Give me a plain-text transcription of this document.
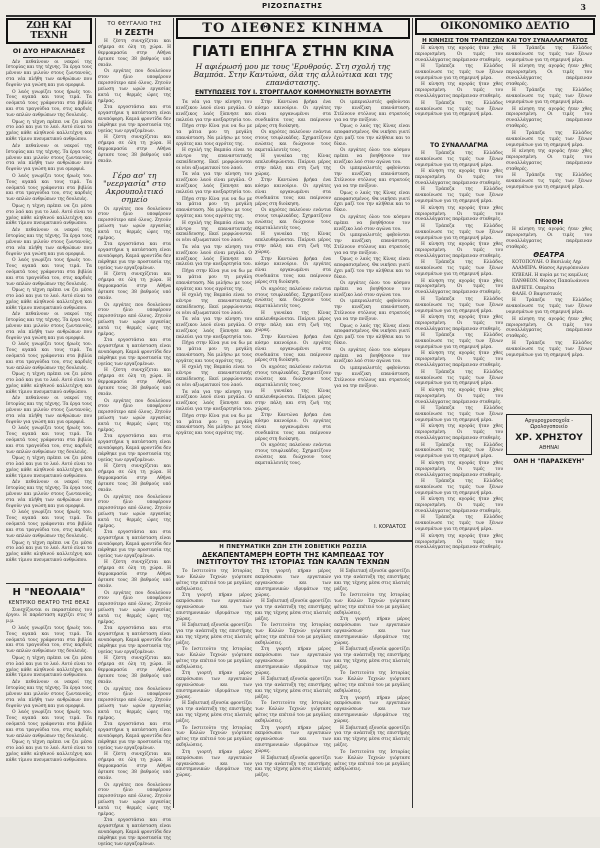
ΡΙΖΟΣΠΑΣΤΗΣ	3
ΖΩΗ ΚΑΙ ΤΕΧΝΗ
ΟΙ ΔΥΟ ΗΡΑΚΛΗΔΕΣ

Δέν πεθαίνουν οι νεκροί της Ιστορίας και της τέχνης. Τα έργα τους μένουν και μιλούν στους ζωντανούς, στα νέα πλήθη των ανθρώπων που διψούν για γνώση και για ομορφιά.

Ο λαός γνωρίζει τους ήρωές του. Τους αγαπά και τους τιμά. Τα ονόματά τους γράφονται στα βιβλία και στα τραγούδια του, στις καρδιές των απλών ανθρώπων της δουλειάς.

Όμως η τέχνη πρέπει να ζει μέσα στο λαό και για το λαό. Αυτό είναι το χρέος κάθε αληθινού καλλιτέχνη και κάθε τίμιου πνευματικού ανθρώπου.

Δέν πεθαίνουν οι νεκροί της Ιστορίας και της τέχνης. Τα έργα τους μένουν και μιλούν στους ζωντανούς, στα νέα πλήθη των ανθρώπων που διψούν για γνώση και για ομορφιά.

Ο λαός γνωρίζει τους ήρωές του. Τους αγαπά και τους τιμά. Τα ονόματά τους γράφονται στα βιβλία και στα τραγούδια του, στις καρδιές των απλών ανθρώπων της δουλειάς.

Όμως η τέχνη πρέπει να ζει μέσα στο λαό και για το λαό. Αυτό είναι το χρέος κάθε αληθινού καλλιτέχνη και κάθε τίμιου πνευματικού ανθρώπου.

Δέν πεθαίνουν οι νεκροί της Ιστορίας και της τέχνης. Τα έργα τους μένουν και μιλούν στους ζωντανούς, στα νέα πλήθη των ανθρώπων που διψούν για γνώση και για ομορφιά.

Ο λαός γνωρίζει τους ήρωές του. Τους αγαπά και τους τιμά. Τα ονόματά τους γράφονται στα βιβλία και στα τραγούδια του, στις καρδιές των απλών ανθρώπων της δουλειάς.

Όμως η τέχνη πρέπει να ζει μέσα στο λαό και για το λαό. Αυτό είναι το χρέος κάθε αληθινού καλλιτέχνη και κάθε τίμιου πνευματικού ανθρώπου.

Δέν πεθαίνουν οι νεκροί της Ιστορίας και της τέχνης. Τα έργα τους μένουν και μιλούν στους ζωντανούς, στα νέα πλήθη των ανθρώπων που διψούν για γνώση και για ομορφιά.

Ο λαός γνωρίζει τους ήρωές του. Τους αγαπά και τους τιμά. Τα ονόματά τους γράφονται στα βιβλία και στα τραγούδια του, στις καρδιές των απλών ανθρώπων της δουλειάς.

Όμως η τέχνη πρέπει να ζει μέσα στο λαό και για το λαό. Αυτό είναι το χρέος κάθε αληθινού καλλιτέχνη και κάθε τίμιου πνευματικού ανθρώπου.

Δέν πεθαίνουν οι νεκροί της Ιστορίας και της τέχνης. Τα έργα τους μένουν και μιλούν στους ζωντανούς, στα νέα πλήθη των ανθρώπων που διψούν για γνώση και για ομορφιά.

Ο λαός γνωρίζει τους ήρωές του. Τους αγαπά και τους τιμά. Τα ονόματά τους γράφονται στα βιβλία και στα τραγούδια του, στις καρδιές των απλών ανθρώπων της δουλειάς.

Όμως η τέχνη πρέπει να ζει μέσα στο λαό και για το λαό. Αυτό είναι το χρέος κάθε αληθινού καλλιτέχνη και κάθε τίμιου πνευματικού ανθρώπου.

Δέν πεθαίνουν οι νεκροί της Ιστορίας και της τέχνης. Τα έργα τους μένουν και μιλούν στους ζωντανούς, στα νέα πλήθη των ανθρώπων που διψούν για γνώση και για ομορφιά.

Ο λαός γνωρίζει τους ήρωές του. Τους αγαπά και τους τιμά. Τα ονόματά τους γράφονται στα βιβλία και στα τραγούδια του, στις καρδιές των απλών ανθρώπων της δουλειάς.

Όμως η τέχνη πρέπει να ζει μέσα στο λαό και για το λαό. Αυτό είναι το χρέος κάθε αληθινού καλλιτέχνη και κάθε τίμιου πνευματικού ανθρώπου.

Η "ΝΕΟΛΑΙΑ"
ΚΕΝΤΡΙΚΟ ΘΕΑΤΡΟ ΤΗΣ ΘΕΑΣ

Συνεχίζονται οι παραστάσεις του έργου. Η παράσταση αρχίζει στις 9 μ.μ.

Ο λαός γνωρίζει τους ήρωές του. Τους αγαπά και τους τιμά. Τα ονόματά τους γράφονται στα βιβλία και στα τραγούδια του, στις καρδιές των απλών ανθρώπων της δουλειάς.

Όμως η τέχνη πρέπει να ζει μέσα στο λαό και για το λαό. Αυτό είναι το χρέος κάθε αληθινού καλλιτέχνη και κάθε τίμιου πνευματικού ανθρώπου.

Δέν πεθαίνουν οι νεκροί της Ιστορίας και της τέχνης. Τα έργα τους μένουν και μιλούν στους ζωντανούς, στα νέα πλήθη των ανθρώπων που διψούν για γνώση και για ομορφιά.

Ο λαός γνωρίζει τους ήρωές του. Τους αγαπά και τους τιμά. Τα ονόματά τους γράφονται στα βιβλία και στα τραγούδια του, στις καρδιές των απλών ανθρώπων της δουλειάς.

Όμως η τέχνη πρέπει να ζει μέσα στο λαό και για το λαό. Αυτό είναι το χρέος κάθε αληθινού καλλιτέχνη και κάθε τίμιου πνευματικού ανθρώπου.

ΤΟ ΦΕΥΓΑΛΙΟ ΤΗΣ
Η ΖΕΣΤΗ

Η ζέστη συνεχίζεται και σήμερα σε όλη τη χώρα. Η θερμοκρασία στην Αθήνα έφτασε τους 38 βαθμούς υπό σκιάν.

Οι εργάτες που δουλεύουν στον ήλιο υποφέρουν περισσότερο από όλους. Ζητούν μείωση των ωρών εργασίας κατά τις θερμές ώρες της ημέρας.

Στα εργοστάσια και στα εργαστήρια η κατάσταση είναι ανυπόφορη. Καμιά φροντίδα δεν πάρθηκε για την προστασία της υγείας των εργαζομένων.

Η ζέστη συνεχίζεται και σήμερα σε όλη τη χώρα. Η θερμοκρασία στην Αθήνα έφτασε τους 38 βαθμούς υπό σκιάν.

Γέρο ασ' τη "νεεργασία" στο Ακρουπολιτικό σημείο

Οι εργάτες που δουλεύουν στον ήλιο υποφέρουν περισσότερο από όλους. Ζητούν μείωση των ωρών εργασίας κατά τις θερμές ώρες της ημέρας.

Στα εργοστάσια και στα εργαστήρια η κατάσταση είναι ανυπόφορη. Καμιά φροντίδα δεν πάρθηκε για την προστασία της υγείας των εργαζομένων.

Η ζέστη συνεχίζεται και σήμερα σε όλη τη χώρα. Η θερμοκρασία στην Αθήνα έφτασε τους 38 βαθμούς υπό σκιάν.

Οι εργάτες που δουλεύουν στον ήλιο υποφέρουν περισσότερο από όλους. Ζητούν μείωση των ωρών εργασίας κατά τις θερμές ώρες της ημέρας.

Στα εργοστάσια και στα εργαστήρια η κατάσταση είναι ανυπόφορη. Καμιά φροντίδα δεν πάρθηκε για την προστασία της υγείας των εργαζομένων.

Η ζέστη συνεχίζεται και σήμερα σε όλη τη χώρα. Η θερμοκρασία στην Αθήνα έφτασε τους 38 βαθμούς υπό σκιάν.

Οι εργάτες που δουλεύουν στον ήλιο υποφέρουν περισσότερο από όλους. Ζητούν μείωση των ωρών εργασίας κατά τις θερμές ώρες της ημέρας.

Στα εργοστάσια και στα εργαστήρια η κατάσταση είναι ανυπόφορη. Καμιά φροντίδα δεν πάρθηκε για την προστασία της υγείας των εργαζομένων.

Η ζέστη συνεχίζεται και σήμερα σε όλη τη χώρα. Η θερμοκρασία στην Αθήνα έφτασε τους 38 βαθμούς υπό σκιάν.

Οι εργάτες που δουλεύουν στον ήλιο υποφέρουν περισσότερο από όλους. Ζητούν μείωση των ωρών εργασίας κατά τις θερμές ώρες της ημέρας.

Στα εργοστάσια και στα εργαστήρια η κατάσταση είναι ανυπόφορη. Καμιά φροντίδα δεν πάρθηκε για την προστασία της υγείας των εργαζομένων.

Η ζέστη συνεχίζεται και σήμερα σε όλη τη χώρα. Η θερμοκρασία στην Αθήνα έφτασε τους 38 βαθμούς υπό σκιάν.

Οι εργάτες που δουλεύουν στον ήλιο υποφέρουν περισσότερο από όλους. Ζητούν μείωση των ωρών εργασίας κατά τις θερμές ώρες της ημέρας.

Στα εργοστάσια και στα εργαστήρια η κατάσταση είναι ανυπόφορη. Καμιά φροντίδα δεν πάρθηκε για την προστασία της υγείας των εργαζομένων.

Η ζέστη συνεχίζεται και σήμερα σε όλη τη χώρα. Η θερμοκρασία στην Αθήνα έφτασε τους 38 βαθμούς υπό σκιάν.

Οι εργάτες που δουλεύουν στον ήλιο υποφέρουν περισσότερο από όλους. Ζητούν μείωση των ωρών εργασίας κατά τις θερμές ώρες της ημέρας.

Στα εργοστάσια και στα εργαστήρια η κατάσταση είναι ανυπόφορη. Καμιά φροντίδα δεν πάρθηκε για την προστασία της υγείας των εργαζομένων.

Η ζέστη συνεχίζεται και σήμερα σε όλη τη χώρα. Η θερμοκρασία στην Αθήνα έφτασε τους 38 βαθμούς υπό σκιάν.

Οι εργάτες που δουλεύουν στον ήλιο υποφέρουν περισσότερο από όλους. Ζητούν μείωση των ωρών εργασίας κατά τις θερμές ώρες της ημέρας.

Στα εργοστάσια και στα εργαστήρια η κατάσταση είναι ανυπόφορη. Καμιά φροντίδα δεν πάρθηκε για την προστασία της υγείας των εργαζομένων.

ΤΟ ΔΙΕΘΝΕΣ ΚΙΝΗΜΑ
ΓΙΑΤΙ ΕΠΗΓΑ ΣΤΗΝ ΚΙΝΑ
Η αφιέρωσή μου με τους 'Ερυθρούς. Στη σχολή της Βαμπόα. Στην Καντώνα, όλα της αλλιώτικα και της επανάστασης.
ΕΝΤΥΠΩΣΕΙΣ ΤΟΥ Ι. ΣΤΟΡΓΓΑΛΟΥ ΚΟΜΜΟΥΝΙΣΤΗ ΒΟΥΛΕΥΤΗ

Τα νέα για την κίνηση του κινέζικου λαού είναι μεγάλα. Ο κινέζικος λαός ξύπνησε και παλεύει για την ανεξαρτησία του.

Πήγα στην Κίνα για να δω με τα μάτια μου τη μεγάλη επανάσταση. Να μιλήσω με τους εργάτες και τους αγρότες της.

Η σχολή της Βαμπόα είναι το κέντρο της επαναστατικής εκπαίδευσης. Εκεί μορφώνονται οι νέοι αξιωματικοί του λαού.

Τα νέα για την κίνηση του κινέζικου λαού είναι μεγάλα. Ο κινέζικος λαός ξύπνησε και παλεύει για την ανεξαρτησία του.

Πήγα στην Κίνα για να δω με τα μάτια μου τη μεγάλη επανάσταση. Να μιλήσω με τους εργάτες και τους αγρότες της.

Η σχολή της Βαμπόα είναι το κέντρο της επαναστατικής εκπαίδευσης. Εκεί μορφώνονται οι νέοι αξιωματικοί του λαού.

Τα νέα για την κίνηση του κινέζικου λαού είναι μεγάλα. Ο κινέζικος λαός ξύπνησε και παλεύει για την ανεξαρτησία του.

Πήγα στην Κίνα για να δω με τα μάτια μου τη μεγάλη επανάσταση. Να μιλήσω με τους εργάτες και τους αγρότες της.

Η σχολή της Βαμπόα είναι το κέντρο της επαναστατικής εκπαίδευσης. Εκεί μορφώνονται οι νέοι αξιωματικοί του λαού.

Τα νέα για την κίνηση του κινέζικου λαού είναι μεγάλα. Ο κινέζικος λαός ξύπνησε και παλεύει για την ανεξαρτησία του.

Πήγα στην Κίνα για να δω με τα μάτια μου τη μεγάλη επανάσταση. Να μιλήσω με τους εργάτες και τους αγρότες της.

Η σχολή της Βαμπόα είναι το κέντρο της επαναστατικής εκπαίδευσης. Εκεί μορφώνονται οι νέοι αξιωματικοί του λαού.

Τα νέα για την κίνηση του κινέζικου λαού είναι μεγάλα. Ο κινέζικος λαός ξύπνησε και παλεύει για την ανεξαρτησία του.

Πήγα στην Κίνα για να δω με τα μάτια μου τη μεγάλη επανάσταση. Να μιλήσω με τους εργάτες και τους αγρότες της.

Στην Καντώνα βρήκα ένα κόσμο καινούριο. Οι εργάτες είναι οργανωμένοι στα συνδικάτα τους και παίρνουν μέρος στη διοίκηση.

Οι αγρότες παλεύουν ενάντια στους τσιφλικάδες. Σχηματίζουν ενώσεις και διώχνουν τους εκμεταλλευτές τους.

Η γυναίκα της Κίνας απελευθερώνεται. Παίρνει μέρος στην πάλη και στη ζωή της χώρας.

Στην Καντώνα βρήκα ένα κόσμο καινούριο. Οι εργάτες είναι οργανωμένοι στα συνδικάτα τους και παίρνουν μέρος στη διοίκηση.

Οι αγρότες παλεύουν ενάντια στους τσιφλικάδες. Σχηματίζουν ενώσεις και διώχνουν τους εκμεταλλευτές τους.

Η γυναίκα της Κίνας απελευθερώνεται. Παίρνει μέρος στην πάλη και στη ζωή της χώρας.

Στην Καντώνα βρήκα ένα κόσμο καινούριο. Οι εργάτες είναι οργανωμένοι στα συνδικάτα τους και παίρνουν μέρος στη διοίκηση.

Οι αγρότες παλεύουν ενάντια στους τσιφλικάδες. Σχηματίζουν ενώσεις και διώχνουν τους εκμεταλλευτές τους.

Η γυναίκα της Κίνας απελευθερώνεται. Παίρνει μέρος στην πάλη και στη ζωή της χώρας.

Στην Καντώνα βρήκα ένα κόσμο καινούριο. Οι εργάτες είναι οργανωμένοι στα συνδικάτα τους και παίρνουν μέρος στη διοίκηση.

Οι αγρότες παλεύουν ενάντια στους τσιφλικάδες. Σχηματίζουν ενώσεις και διώχνουν τους εκμεταλλευτές τους.

Η γυναίκα της Κίνας απελευθερώνεται. Παίρνει μέρος στην πάλη και στη ζωή της χώρας.

Στην Καντώνα βρήκα ένα κόσμο καινούριο. Οι εργάτες είναι οργανωμένοι στα συνδικάτα τους και παίρνουν μέρος στη διοίκηση.

Οι αγρότες παλεύουν ενάντια στους τσιφλικάδες. Σχηματίζουν ενώσεις και διώχνουν τους εκμεταλλευτές τους.

Οι ιμπεριαλιστές φοβούνται την κινέζικη επανάσταση. Στέλνουν στόλους και στρατούς για να την πνίξουν.

Όμως ο λαός της Κίνας είναι αποφασισμένος. Θα νικήσει γιατί έχει μαζί του την αλήθεια και το δίκιο.

Οι εργάτες όλου του κόσμου πρέπει να βοηθήσουν τον κινέζικο λαό στον αγώνα του.

Οι ιμπεριαλιστές φοβούνται την κινέζικη επανάσταση. Στέλνουν στόλους και στρατούς για να την πνίξουν.

Όμως ο λαός της Κίνας είναι αποφασισμένος. Θα νικήσει γιατί έχει μαζί του την αλήθεια και το δίκιο.

Οι εργάτες όλου του κόσμου πρέπει να βοηθήσουν τον κινέζικο λαό στον αγώνα του.

Οι ιμπεριαλιστές φοβούνται την κινέζικη επανάσταση. Στέλνουν στόλους και στρατούς για να την πνίξουν.

Όμως ο λαός της Κίνας είναι αποφασισμένος. Θα νικήσει γιατί έχει μαζί του την αλήθεια και το δίκιο.

Οι εργάτες όλου του κόσμου πρέπει να βοηθήσουν τον κινέζικο λαό στον αγώνα του.

Οι ιμπεριαλιστές φοβούνται την κινέζικη επανάσταση. Στέλνουν στόλους και στρατούς για να την πνίξουν.

Όμως ο λαός της Κίνας είναι αποφασισμένος. Θα νικήσει γιατί έχει μαζί του την αλήθεια και το δίκιο.

Οι εργάτες όλου του κόσμου πρέπει να βοηθήσουν τον κινέζικο λαό στον αγώνα του.

Οι ιμπεριαλιστές φοβούνται την κινέζικη επανάσταση. Στέλνουν στόλους και στρατούς για να την πνίξουν.

Ι. ΚΟΡΔΑΤΟΣ
Η ΠΝΕΥΜΑΤΙΚΗ ΖΩΗ ΣΤΗ ΣΟΒΙΕΤΙΚΗ ΡΩΣΣΙΑ
ΔΕΚΑΠΕΝΤΑΜΕΡΗ ΕΟΡΤΗ ΤΗΣ ΚΑΜΠΕΔΑΣ ΤΟΥ ΙΝΣΤΙΤΟΥΤΟΥ ΤΗΣ ΙΣΤΟΡΙΑΣ ΤΩΝ ΚΑΛΩΝ ΤΕΧΝΩΝ

Το Ινστιτούτο της Ιστορίας των Καλών Τεχνών γιόρτασε φέτος την επέτειό του με μεγάλες εκδηλώσεις.

Στη γιορτή πήραν μέρος εκπρόσωποι των εργατικών οργανώσεων και των επιστημονικών ιδρυμάτων της χώρας.

Η Σοβιετική εξουσία φροντίζει για την ανάπτυξη της επιστήμης και της τέχνης μέσα στις πλατιές μάζες.

Το Ινστιτούτο της Ιστορίας των Καλών Τεχνών γιόρτασε φέτος την επέτειό του με μεγάλες εκδηλώσεις.

Στη γιορτή πήραν μέρος εκπρόσωποι των εργατικών οργανώσεων και των επιστημονικών ιδρυμάτων της χώρας.

Η Σοβιετική εξουσία φροντίζει για την ανάπτυξη της επιστήμης και της τέχνης μέσα στις πλατιές μάζες.

Το Ινστιτούτο της Ιστορίας των Καλών Τεχνών γιόρτασε φέτος την επέτειό του με μεγάλες εκδηλώσεις.

Στη γιορτή πήραν μέρος εκπρόσωποι των εργατικών οργανώσεων και των επιστημονικών ιδρυμάτων της χώρας.

Στη γιορτή πήραν μέρος εκπρόσωποι των εργατικών οργανώσεων και των επιστημονικών ιδρυμάτων της χώρας.

Η Σοβιετική εξουσία φροντίζει για την ανάπτυξη της επιστήμης και της τέχνης μέσα στις πλατιές μάζες.

Το Ινστιτούτο της Ιστορίας των Καλών Τεχνών γιόρτασε φέτος την επέτειό του με μεγάλες εκδηλώσεις.

Στη γιορτή πήραν μέρος εκπρόσωποι των εργατικών οργανώσεων και των επιστημονικών ιδρυμάτων της χώρας.

Η Σοβιετική εξουσία φροντίζει για την ανάπτυξη της επιστήμης και της τέχνης μέσα στις πλατιές μάζες.

Το Ινστιτούτο της Ιστορίας των Καλών Τεχνών γιόρτασε φέτος την επέτειό του με μεγάλες εκδηλώσεις.

Στη γιορτή πήραν μέρος εκπρόσωποι των εργατικών οργανώσεων και των επιστημονικών ιδρυμάτων της χώρας.

Η Σοβιετική εξουσία φροντίζει για την ανάπτυξη της επιστήμης και της τέχνης μέσα στις πλατιές μάζες.

Η Σοβιετική εξουσία φροντίζει για την ανάπτυξη της επιστήμης και της τέχνης μέσα στις πλατιές μάζες.

Το Ινστιτούτο της Ιστορίας των Καλών Τεχνών γιόρτασε φέτος την επέτειό του με μεγάλες εκδηλώσεις.

Στη γιορτή πήραν μέρος εκπρόσωποι των εργατικών οργανώσεων και των επιστημονικών ιδρυμάτων της χώρας.

Η Σοβιετική εξουσία φροντίζει για την ανάπτυξη της επιστήμης και της τέχνης μέσα στις πλατιές μάζες.

Το Ινστιτούτο της Ιστορίας των Καλών Τεχνών γιόρτασε φέτος την επέτειό του με μεγάλες εκδηλώσεις.

Στη γιορτή πήραν μέρος εκπρόσωποι των εργατικών οργανώσεων και των επιστημονικών ιδρυμάτων της χώρας.

Η Σοβιετική εξουσία φροντίζει για την ανάπτυξη της επιστήμης και της τέχνης μέσα στις πλατιές μάζες.

Το Ινστιτούτο της Ιστορίας των Καλών Τεχνών γιόρτασε φέτος την επέτειό του με μεγάλες εκδηλώσεις.

ΟΙΚΟΝΟΜΙΚΟ ΔΕΛΤΙΟ
Η ΚΙΝΗΣΙΣ ΤΟΝ ΤΡΑΠΕΖΩΝ ΚΑΙ ΤΟΥ ΣΥΝΑΛΛΑΓΜΑΤΟΣ

Η κίνηση της αγοράς ήταν χθες περιορισμένη. Οι τιμές του συναλλάγματος παρέμειναν σταθερές.

Η Τράπεζα της Ελλάδος ανακοίνωσε τις τιμές των ξένων νομισμάτων για τη σημερινή μέρα.

Η κίνηση της αγοράς ήταν χθες περιορισμένη. Οι τιμές του συναλλάγματος παρέμειναν σταθερές.

Η Τράπεζα της Ελλάδος ανακοίνωσε τις τιμές των ξένων νομισμάτων για τη σημερινή μέρα.

ΤΟ ΣΥΝΑΛΛΑΓΜΑ

Η Τράπεζα της Ελλάδος ανακοίνωσε τις τιμές των ξένων νομισμάτων για τη σημερινή μέρα.

Η κίνηση της αγοράς ήταν χθες περιορισμένη. Οι τιμές του συναλλάγματος παρέμειναν σταθερές.

Η Τράπεζα της Ελλάδος ανακοίνωσε τις τιμές των ξένων νομισμάτων για τη σημερινή μέρα.

Η κίνηση της αγοράς ήταν χθες περιορισμένη. Οι τιμές του συναλλάγματος παρέμειναν σταθερές.

Η Τράπεζα της Ελλάδος ανακοίνωσε τις τιμές των ξένων νομισμάτων για τη σημερινή μέρα.

Η κίνηση της αγοράς ήταν χθες περιορισμένη. Οι τιμές του συναλλάγματος παρέμειναν σταθερές.

Η Τράπεζα της Ελλάδος ανακοίνωσε τις τιμές των ξένων νομισμάτων για τη σημερινή μέρα.

Η κίνηση της αγοράς ήταν χθες περιορισμένη. Οι τιμές του συναλλάγματος παρέμειναν σταθερές.

Η Τράπεζα της Ελλάδος ανακοίνωσε τις τιμές των ξένων νομισμάτων για τη σημερινή μέρα.

Η κίνηση της αγοράς ήταν χθες περιορισμένη. Οι τιμές του συναλλάγματος παρέμειναν σταθερές.

Η Τράπεζα της Ελλάδος ανακοίνωσε τις τιμές των ξένων νομισμάτων για τη σημερινή μέρα.

Η κίνηση της αγοράς ήταν χθες περιορισμένη. Οι τιμές του συναλλάγματος παρέμειναν σταθερές.

Η Τράπεζα της Ελλάδος ανακοίνωσε τις τιμές των ξένων νομισμάτων για τη σημερινή μέρα.

Η κίνηση της αγοράς ήταν χθες περιορισμένη. Οι τιμές του συναλλάγματος παρέμειναν σταθερές.

Η Τράπεζα της Ελλάδος ανακοίνωσε τις τιμές των ξένων νομισμάτων για τη σημερινή μέρα.

Η κίνηση της αγοράς ήταν χθες περιορισμένη. Οι τιμές του συναλλάγματος παρέμειναν σταθερές.

Η Τράπεζα της Ελλάδος ανακοίνωσε τις τιμές των ξένων νομισμάτων για τη σημερινή μέρα.

Η κίνηση της αγοράς ήταν χθες περιορισμένη. Οι τιμές του συναλλάγματος παρέμειναν σταθερές.

Η Τράπεζα της Ελλάδος ανακοίνωσε τις τιμές των ξένων νομισμάτων για τη σημερινή μέρα.

Η κίνηση της αγοράς ήταν χθες περιορισμένη. Οι τιμές του συναλλάγματος παρέμειναν σταθερές.

Η Τράπεζα της Ελλάδος ανακοίνωσε τις τιμές των ξένων νομισμάτων για τη σημερινή μέρα.

Η κίνηση της αγοράς ήταν χθες περιορισμένη. Οι τιμές του συναλλάγματος παρέμειναν σταθερές.

Η Τράπεζα της Ελλάδος ανακοίνωσε τις τιμές των ξένων νομισμάτων για τη σημερινή μέρα.

Η κίνηση της αγοράς ήταν χθες περιορισμένη. Οι τιμές του συναλλάγματος παρέμειναν σταθερές.

Η Τράπεζα της Ελλάδος ανακοίνωσε τις τιμές των ξένων νομισμάτων για τη σημερινή μέρα.

Η κίνηση της αγοράς ήταν χθες περιορισμένη. Οι τιμές του συναλλάγματος παρέμειναν σταθερές.

Η Τράπεζα της Ελλάδος ανακοίνωσε τις τιμές των ξένων νομισμάτων για τη σημερινή μέρα.

Η κίνηση της αγοράς ήταν χθες περιορισμένη. Οι τιμές του συναλλάγματος παρέμειναν σταθερές.

Η Τράπεζα της Ελλάδος ανακοίνωσε τις τιμές των ξένων νομισμάτων για τη σημερινή μέρα.

ΠΕΝΘΗ

Η κίνηση της αγοράς ήταν χθες περιορισμένη. Οι τιμές του συναλλάγματος παρέμειναν σταθερές.

ΘΕΑΤΡΑ

ΚΟΤΟΠΟΥΛΗ. Ο Βασιλιάς Ληρ

ΑΛΑΜΠΡΑ. Θίασος Αργυρόπουλου

ΚΥΒΕΛΗ. Η κυρία με τις καμέλιες

ΠΑΝΘΕΟΝ. Θίασος Παπαϊωάννου

ΒΑΡΙΕΤΕ. Οπερέτα

ΦΑΛΗ. Ο Βαφτιστικός

Η Τράπεζα της Ελλάδος ανακοίνωσε τις τιμές των ξένων νομισμάτων για τη σημερινή μέρα.

Η κίνηση της αγοράς ήταν χθες περιορισμένη. Οι τιμές του συναλλάγματος παρέμειναν σταθερές.

Η Τράπεζα της Ελλάδος ανακοίνωσε τις τιμές των ξένων νομισμάτων για τη σημερινή μέρα.

Αργυροχρυσοχοΐα - Ωρολογοποιείο
ΧΡ. ΧΡΗΣΤΟΥ
ΑΘΗΝΑΙ
ΟΛΗ Η "ΠΑΡΑΣΚΕΥΗ"
